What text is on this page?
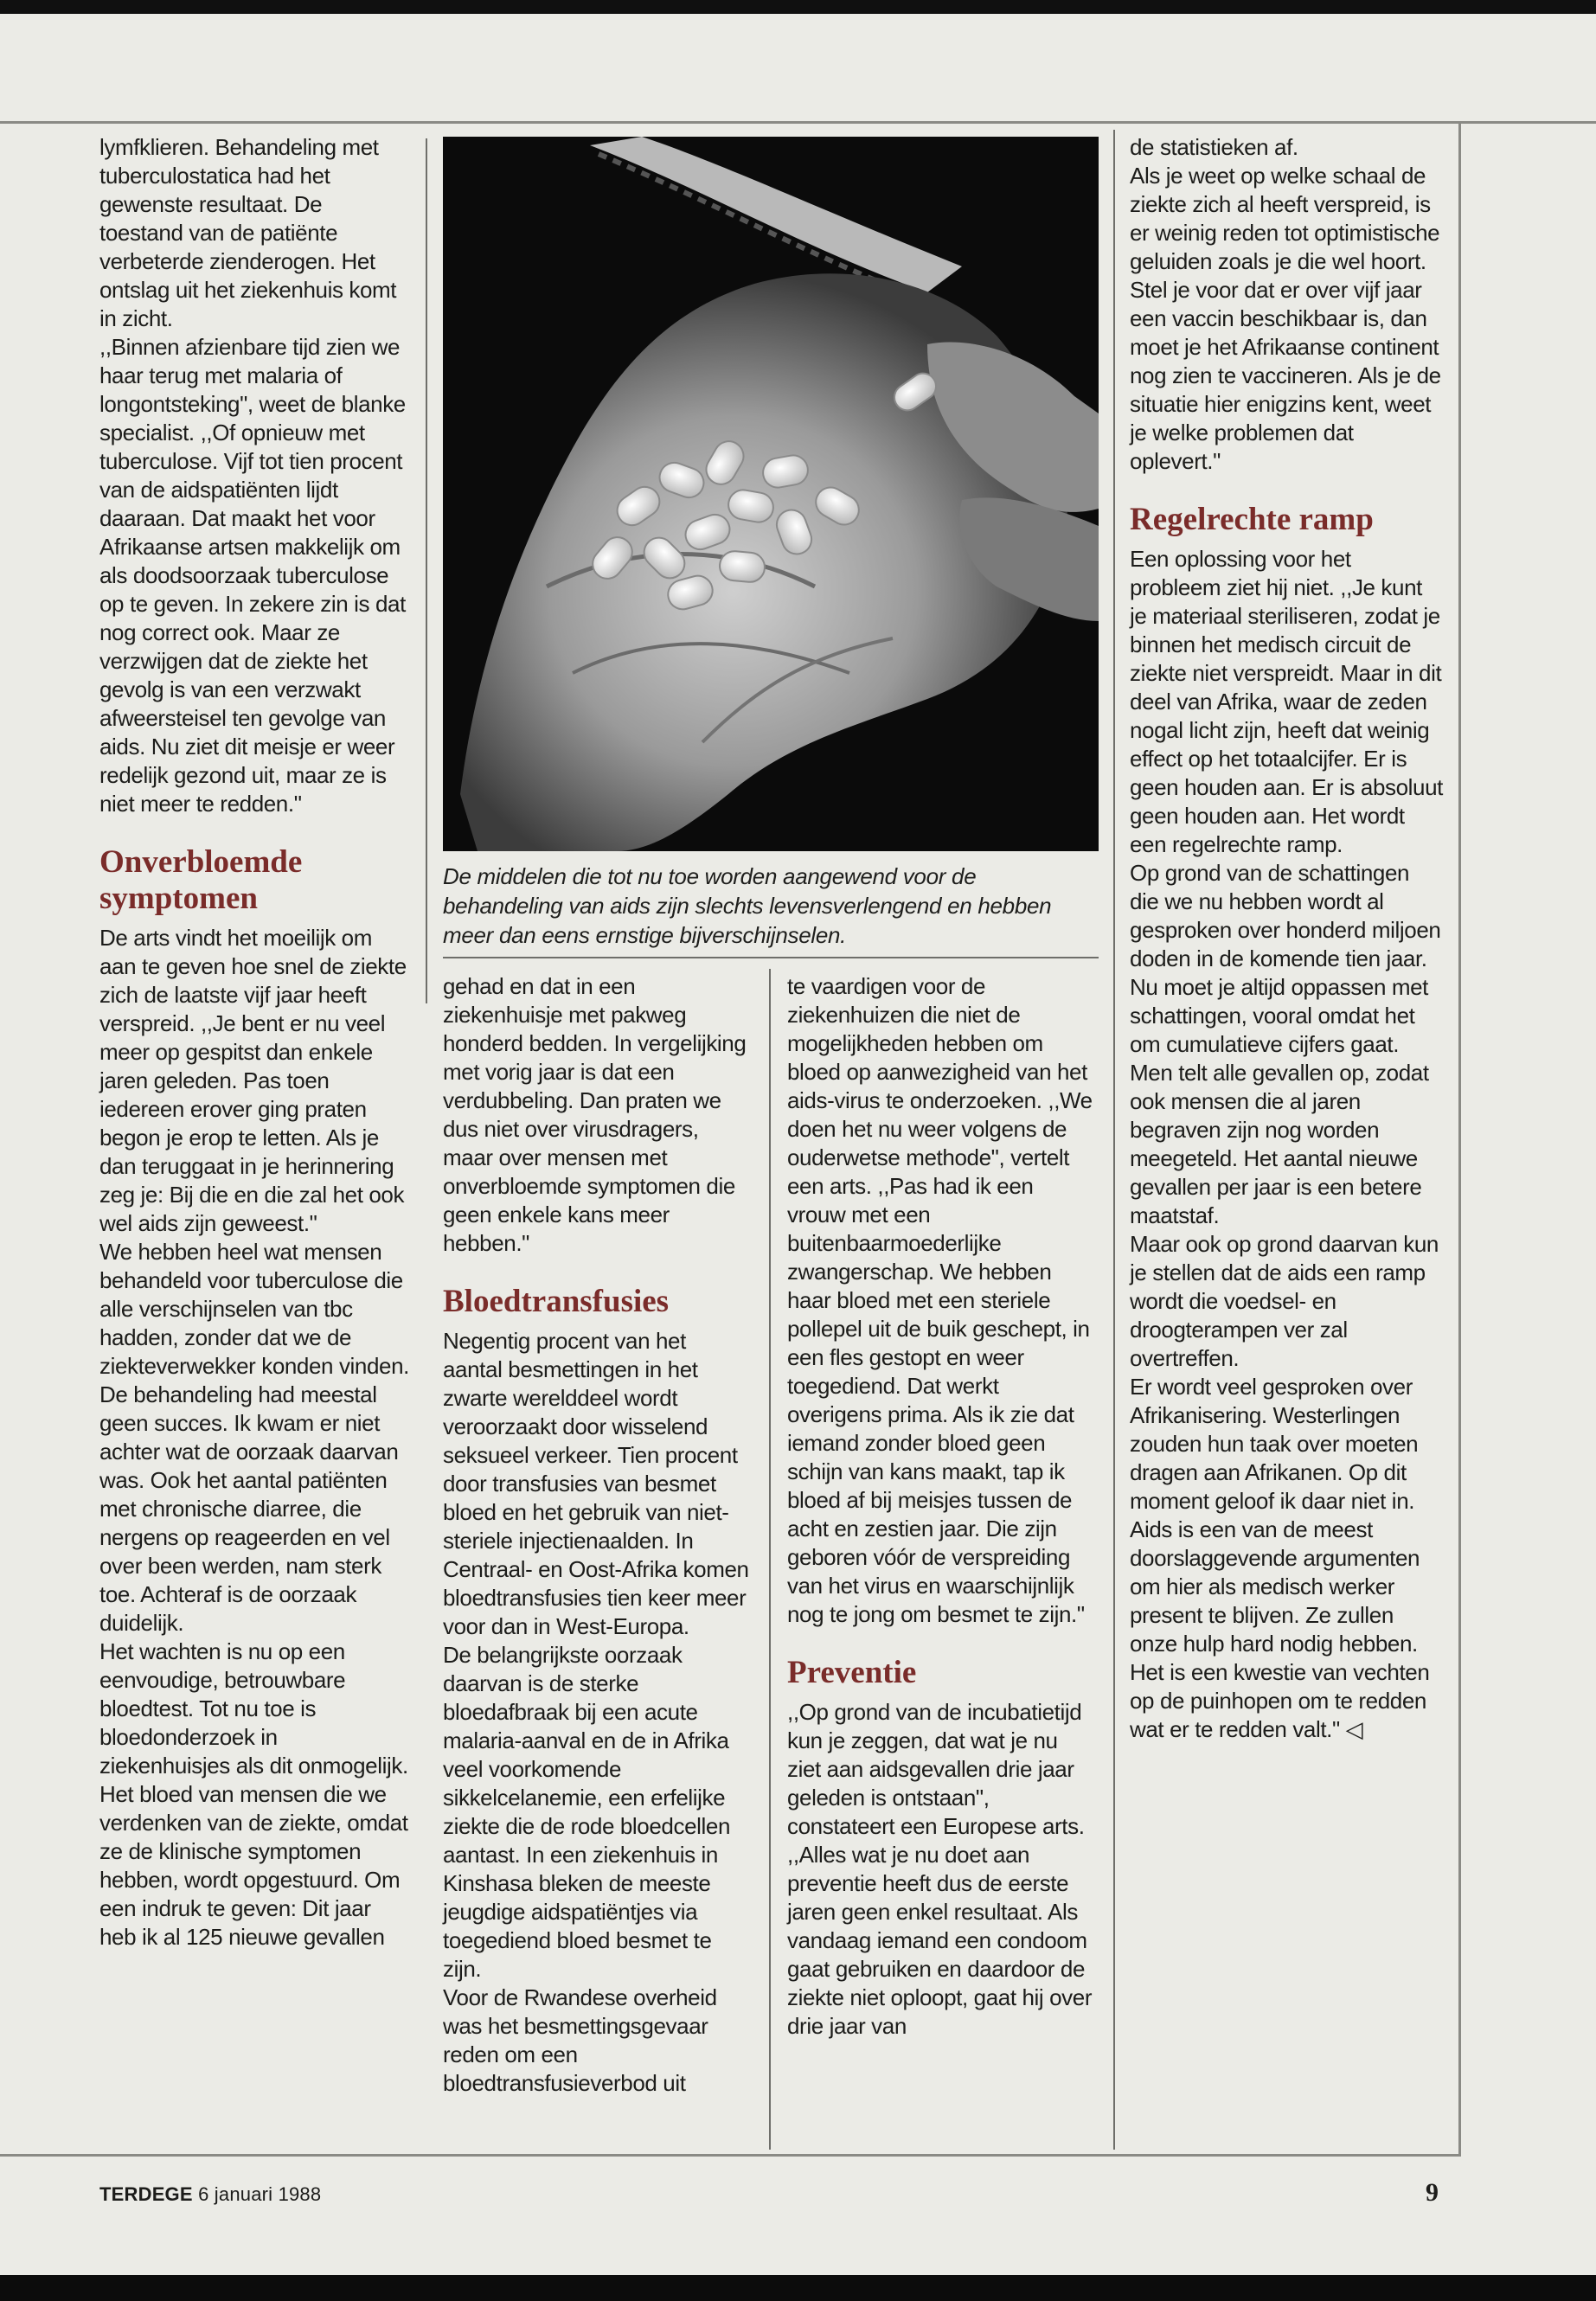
lymfklieren. Behandeling met tuberculostatica had het gewenste resultaat. De toestand van de patiënte verbeterde zienderogen. Het ontslag uit het ziekenhuis komt in zicht.

,,Binnen afzienbare tijd zien we haar terug met malaria of longontsteking", weet de blanke specialist. ,,Of opnieuw met tuberculose. Vijf tot tien procent van de aidspatiënten lijdt daaraan. Dat maakt het voor Afrikaanse artsen makkelijk om als doodsoorzaak tuberculose op te geven. In zekere zin is dat nog correct ook. Maar ze verzwijgen dat de ziekte het gevolg is van een verzwakt afweersteisel ten gevolge van aids. Nu ziet dit meisje er weer redelijk gezond uit, maar ze is niet meer te redden."

Onverbloemde symptomen

De arts vindt het moeilijk om aan te geven hoe snel de ziekte zich de laatste vijf jaar heeft verspreid. ,,Je bent er nu veel meer op gespitst dan enkele jaren geleden. Pas toen iedereen erover ging praten begon je erop te letten. Als je dan teruggaat in je herinnering zeg je: Bij die en die zal het ook wel aids zijn geweest."

We hebben heel wat mensen behandeld voor tuberculose die alle verschijnselen van tbc hadden, zonder dat we de ziekteverwekker konden vinden. De behandeling had meestal geen succes. Ik kwam er niet achter wat de oorzaak daarvan was. Ook het aantal patiënten met chronische diarree, die nergens op reageerden en vel over been werden, nam sterk toe. Achteraf is de oorzaak duidelijk.

Het wachten is nu op een eenvoudige, betrouwbare bloedtest. Tot nu toe is bloedonderzoek in ziekenhuisjes als dit onmogelijk. Het bloed van mensen die we verdenken van de ziekte, omdat ze de klinische symptomen hebben, wordt opgestuurd. Om een indruk te geven: Dit jaar heb ik al 125 nieuwe gevallen

De middelen die tot nu toe worden aangewend voor de behandeling van aids zijn slechts levensverlengend en hebben meer dan eens ernstige bijverschijnselen.

gehad en dat in een ziekenhuisje met pakweg honderd bedden. In vergelijking met vorig jaar is dat een verdubbeling. Dan praten we dus niet over virusdragers, maar over mensen met onverbloemde symptomen die geen enkele kans meer hebben."

Bloedtransfusies

Negentig procent van het aantal besmettingen in het zwarte werelddeel wordt veroorzaakt door wisselend seksueel verkeer. Tien procent door transfusies van besmet bloed en het gebruik van niet-steriele injectienaalden. In Centraal- en Oost-Afrika komen bloedtransfusies tien keer meer voor dan in West-Europa.

De belangrijkste oorzaak daarvan is de sterke bloedafbraak bij een acute malaria-aanval en de in Afrika veel voorkomende sikkelcelanemie, een erfelijke ziekte die de rode bloedcellen aantast. In een ziekenhuis in Kinshasa bleken de meeste jeugdige aidspatiëntjes via toegediend bloed besmet te zijn.

Voor de Rwandese overheid was het besmettingsgevaar reden om een bloedtransfusieverbod uit

te vaardigen voor de ziekenhuizen die niet de mogelijkheden hebben om bloed op aanwezigheid van het aids-virus te onderzoeken. ,,We doen het nu weer volgens de ouderwetse methode", vertelt een arts. ,,Pas had ik een vrouw met een buitenbaarmoederlijke zwangerschap. We hebben haar bloed met een steriele pollepel uit de buik geschept, in een fles gestopt en weer toegediend. Dat werkt overigens prima. Als ik zie dat iemand zonder bloed geen schijn van kans maakt, tap ik bloed af bij meisjes tussen de acht en zestien jaar. Die zijn geboren vóór de verspreiding van het virus en waarschijnlijk nog te jong om besmet te zijn."

Preventie

,,Op grond van de incubatietijd kun je zeggen, dat wat je nu ziet aan aidsgevallen drie jaar geleden is ontstaan", constateert een Europese arts. ,,Alles wat je nu doet aan preventie heeft dus de eerste jaren geen enkel resultaat. Als vandaag iemand een condoom gaat gebruiken en daardoor de ziekte niet oploopt, gaat hij over drie jaar van

de statistieken af.

Als je weet op welke schaal de ziekte zich al heeft verspreid, is er weinig reden tot optimistische geluiden zoals je die wel hoort. Stel je voor dat er over vijf jaar een vaccin beschikbaar is, dan moet je het Afrikaanse continent nog zien te vaccineren. Als je de situatie hier enigzins kent, weet je welke problemen dat oplevert."

Regelrechte ramp

Een oplossing voor het probleem ziet hij niet. ,,Je kunt je materiaal steriliseren, zodat je binnen het medisch circuit de ziekte niet verspreidt. Maar in dit deel van Afrika, waar de zeden nogal licht zijn, heeft dat weinig effect op het totaalcijfer. Er is geen houden aan. Er is absoluut geen houden aan. Het wordt een regelrechte ramp.

Op grond van de schattingen die we nu hebben wordt al gesproken over honderd miljoen doden in de komende tien jaar. Nu moet je altijd oppassen met schattingen, vooral omdat het om cumulatieve cijfers gaat. Men telt alle gevallen op, zodat ook mensen die al jaren begraven zijn nog worden meegeteld. Het aantal nieuwe gevallen per jaar is een betere maatstaf.

Maar ook op grond daarvan kun je stellen dat de aids een ramp wordt die voedsel- en droogterampen ver zal overtreffen.

Er wordt veel gesproken over Afrikanisering. Westerlingen zouden hun taak over moeten dragen aan Afrikanen. Op dit moment geloof ik daar niet in. Aids is een van de meest doorslaggevende argumenten om hier als medisch werker present te blijven. Ze zullen onze hulp hard nodig hebben. Het is een kwestie van vechten op de puinhopen om te redden wat er te redden valt." ◁

TERDEGE 6 januari 1988	9
